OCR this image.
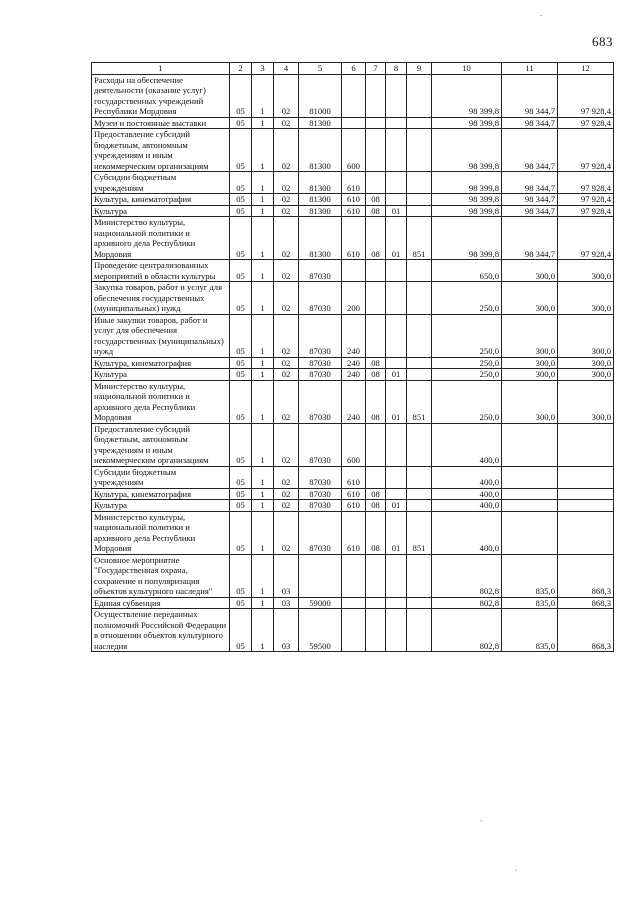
683
1	2	3	4	5	6	7	8	9	10	11	12
Расходы на обеспечение деятельности (оказание услуг) государственных учреждений Республики Мордовия	05	1	02	81000					98 399,8	98 344,7	97 928,4
Музеи и постоянные выставки	05	1	02	81300					98 399,8	98 344,7	97 928,4
Предоставление субсидий бюджетным, автономным учреждениям и иным некоммерческим организациям	05	1	02	81300	600				98 399,8	98 344,7	97 928,4
Субсидии бюджетным учреждениям	05	1	02	81300	610				98 399,8	98 344,7	97 928,4
Культура, кинематография	05	1	02	81300	610	08			98 399,8	98 344,7	97 928,4
Культура	05	1	02	81300	610	08	01		98 399,8	98 344,7	97 928,4
Министерство культуры, национальной политики и архивного дела Республики Мордовия	05	1	02	81300	610	08	01	851	98 399,8	98 344,7	97 928,4
Проведение централизованных мероприятий в области культуры	05	1	02	87030					650,0	300,0	300,0
Закупка товаров, работ и услуг для обеспечения государственных (муниципальных) нужд	05	1	02	87030	200				250,0	300,0	300,0
Иные закупки товаров, работ и услуг для обеспечения государственных (муниципальных) нужд	05	1	02	87030	240				250,0	300,0	300,0
Культура, кинематография	05	1	02	87030	240	08			250,0	300,0	300,0
Культура	05	1	02	87030	240	08	01		250,0	300,0	300,0
Министерство культуры, национальной политики и архивного дела Республики Мордовия	05	1	02	87030	240	08	01	851	250,0	300,0	300,0
Предоставление субсидий бюджетным, автономным учреждениям и иным некоммерческим организациям	05	1	02	87030	600				400,0		
Субсидии бюджетным учреждениям	05	1	02	87030	610				400,0		
Культура, кинематография	05	1	02	87030	610	08			400,0		
Культура	05	1	02	87030	610	08	01		400,0		
Министерство культуры, национальной политики и архивного дела Республики Мордовия	05	1	02	87030	610	08	01	851	400,0		
Основное мероприятие "Государственная охрана, сохранение и популяризация объектов культурного наследия"	05	1	03						802,8	835,0	868,3
Единая субвенция	05	1	03	59000					802,8	835,0	868,3
Осуществление переданных полномочий Российской Федерации в отношении объектов культурного наследия	05	1	03	59500					802,8	835,0	868,3
